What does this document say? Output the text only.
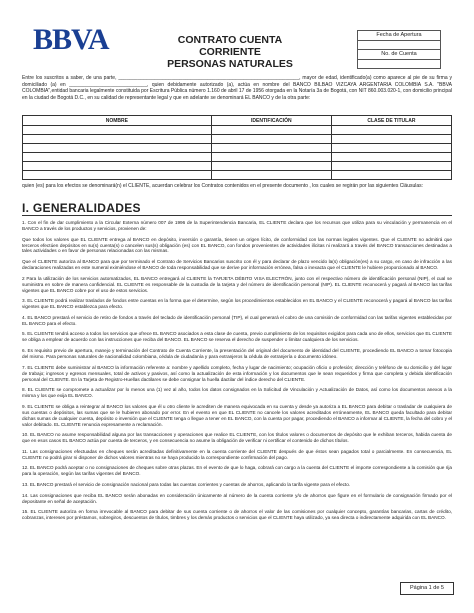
BBVA	CONTRATO CUENTA CORRIENTE
PERSONAS NATURALES
Fecha de Apertura
No. de Cuenta
Entre los suscritos a saber, de una parte, _________________________________________________________________, mayor de edad, identificado(a) como aparece al pie de su firma y domiciliado (a) en ____________________________, quien debidamente autorizado (a), actúa en nombre del BANCO BILBAO VIZCAYA ARGENTARIA COLOMBIA S.A. "BBVA COLOMBIA",entidad bancaria legalmente constituida por Escritura Pública número 1.160 de abril 17 de 1956 otorgada en la Notaría 3a de Bogotá, con NIT 860.003.020-1, con domicilio principal en la ciudad de Bogotá D.C., en su calidad de representante legal y que en adelante se denominará EL BANCO y de la otra parte:
NOMBRE	IDENTIFICACIÓN	CLASE DE TITULAR

quien (es) para los efectos se denominará(n) el CLIENTE, acuerdan celebrar los Contratos contenidos en el presente documento , los cuales se regirán por las siguientes Cláusulas:
I. GENERALIDADES

1. Con el fin de dar cumplimiento a la Circular Externa número 007 de 1996 de la Superintendencia Bancaria, EL CLIENTE declara que los recursos que utiliza para su vinculación y permanencia en el BANCO a través de los productos y servicios, provienen de:

Que todos los valores que EL CLIENTE entrega al BANCO en depósito, inversión o garantía, tienen un origen lícito, de conformidad con las normas legales vigentes. Que el CLIENTE no admitirá que terceros efectúen depósitos en su(s) cuenta(s) o cancelen sus(s) obligación (es) con EL BANCO, con fondos provenientes de actividades ilícitas ni realizará a través del BANCO transacciones destinadas a tales actividades o en favor de personas relacionadas con las mismas.

Que el CLIENTE autoriza al BANCO para que por terminado el Contrato de Servicios Bancarios suscrito con él y para declarar de plazo vencido la(s) obligación(es) a su cargo, en caso de infracción a las declaraciones realizadas en este numeral eximiéndose el BANCO de toda responsabilidad que se derive por información errónea, falsa o inexacta que el CLIENTE le hubiere proporcionado al BANCO.

2 Para la utilización de los servicios automatizados, EL BANCO entregará al CLIENTE la TARJETA DÉBITO VISA ELECTRÓN, junto con el respectivo número de identificación personal (NIP), el cual se suministra en sobre de manera confidencial. EL CLIENTE es responsable de la custodia de la tarjeta y del número de identificación personal (NIP). EL CLIENTE reconocerá y pagará al BANCO las tarifas vigentes que EL BANCO cobre por el uso de estos servicios.

3. EL CLIENTE podrá realizar traslados de fondos entre cuentas en la forma que el determine, según los procedimientos establecidos en EL BANCO y el CLIENTE reconocerá y pagará al BANCO las tarifas vigentes que EL BANCO establezca para efecto.

4. EL BANCO prestará el servicio de retiro de fondos a través del teclado de identificación personal (TIP), el cual generará el cobro de una comisión de conformidad con las tarifas vigentes establecidas por EL BANCO para el efecto.

5. EL CLIENTE tendrá acceso a todos los servicios que ofrece EL BANCO asociados a esta clase de cuenta, previo cumplimiento de los requisitos exigidos para cada uno de ellos, servicios que EL CLIENTE se obliga a emplear de acuerdo con las instrucciones que reciba del BANCO. EL BANCO se reserva el derecho de suspender o limitar cualquiera de los servicios.

6. Es requisito previo de apertura, manejo y terminación del Contrato de Cuenta Corriente, la presentación del original del documento de identidad del CLIENTE, procediendo EL BANCO a tomar fotocopia del mismo. Para personas naturales de nacionalidad colombiana, cédula de ciudadanía y para extranjeros la cédula de extranjería o documento idóneo.

7. EL CLIENTE debe suministrar al BANCO la información referente a: nombre y apellido completo, fecha y lugar de nacimiento; ocupación oficio o profesión; dirección y teléfono de su domicilio y del lugar de trabajo; ingresos y egresos mensuales, total de activos y pasivos, así como la actualización de esta información y los documentos que le sean requeridos y firma que completa y debida identificación personal del CLIENTE. En la Tarjeta de Registro-Huellas dactilares se debe consignar la huella dactilar del índice derecho del CLIENTE.

8. EL CLIENTE se compromete a actualizar por lo menos una (1) vez al año, todos los datos consignados en la Solicitud de Vinculación y Actualización de Datos, así como los documentos anexos a la misma y los que exija EL BANCO.

9. EL CLIENTE se obliga a reintegrar al BANCO los valores que él u otro cliente le acrediten de manera equivocada en su cuenta y desde ya autoriza a EL BANCO para debitar o trasladar de cualquiera de sus cuentas o depósitos, las sumas que se le hubieren abonado por error. En el evento en que EL CLIENTE no cancele los valores acreditados erróneamente, EL BANCO queda facultado para debitar dichas sumas de cualquier cuenta, depósito o inversión que el CLIENTE tenga o llegue a tener en EL BANCO, con la cuenta por pagar, procediendo el BANCO a informar al CLIENTE, la fecha del cobro y el valor debitado. EL CLIENTE renuncia expresamente a reclamación.

10. EL BANCO no asume responsabilidad alguna por las transacciones y operaciones que realice EL CLIENTE, con los títulos valores o documentos de depósito que le exhiban terceros, habida cuenta de que en esos casos EL BANCO actúa por cuenta de terceros, y en consecuencia no asume la obligación de verificar ni certificar el contenido de dichos títulos.

11. Las consignaciones efectuadas en cheques serán acreditadas definitivamente en la cuenta corriente del CLIENTE después de que éstos sean pagados total o parcialmente. En consecuencia, EL CLIENTE no podrá girar ni disponer de dichos valores mientras no se haya producido la correspondiente confirmación del pago.

12. EL BANCO podrá aceptar o no consignaciones de cheques sobre otras plazas. En el evento de que lo haga, cobrará con cargo a la cuenta del CLIENTE el importe correspondiente a la comisión que rija para la operación, según las tarifas vigentes del BANCO.

13. EL BANCO prestará el servicio de consignación nacional para todas las cuentas corrientes y cuentas de ahorros, aplicando la tarifa vigente para el efecto.

14. Las consignaciones que reciba EL BANCO serán abonadas en consideración únicamente al número de la cuenta corriente y/o de ahorros que figure en el formulario de consignación firmado por el depositante en señal de aceptación.

15. EL CLIENTE autoriza en forma irrevocable al BANCO para debitar de sus cuenta corriente o de ahorros el valor de las comisiones por cualquier concepto, garantías bancarias, cartas de crédito, cobranzas, intereses por préstamos, sobregiros, descuentos de títulos, timbres y los demás productos o servicios que el CLIENTE haya utilizado, ya sea directa o indirectamente adquirida con EL BANCO.

Página 1 de 5
